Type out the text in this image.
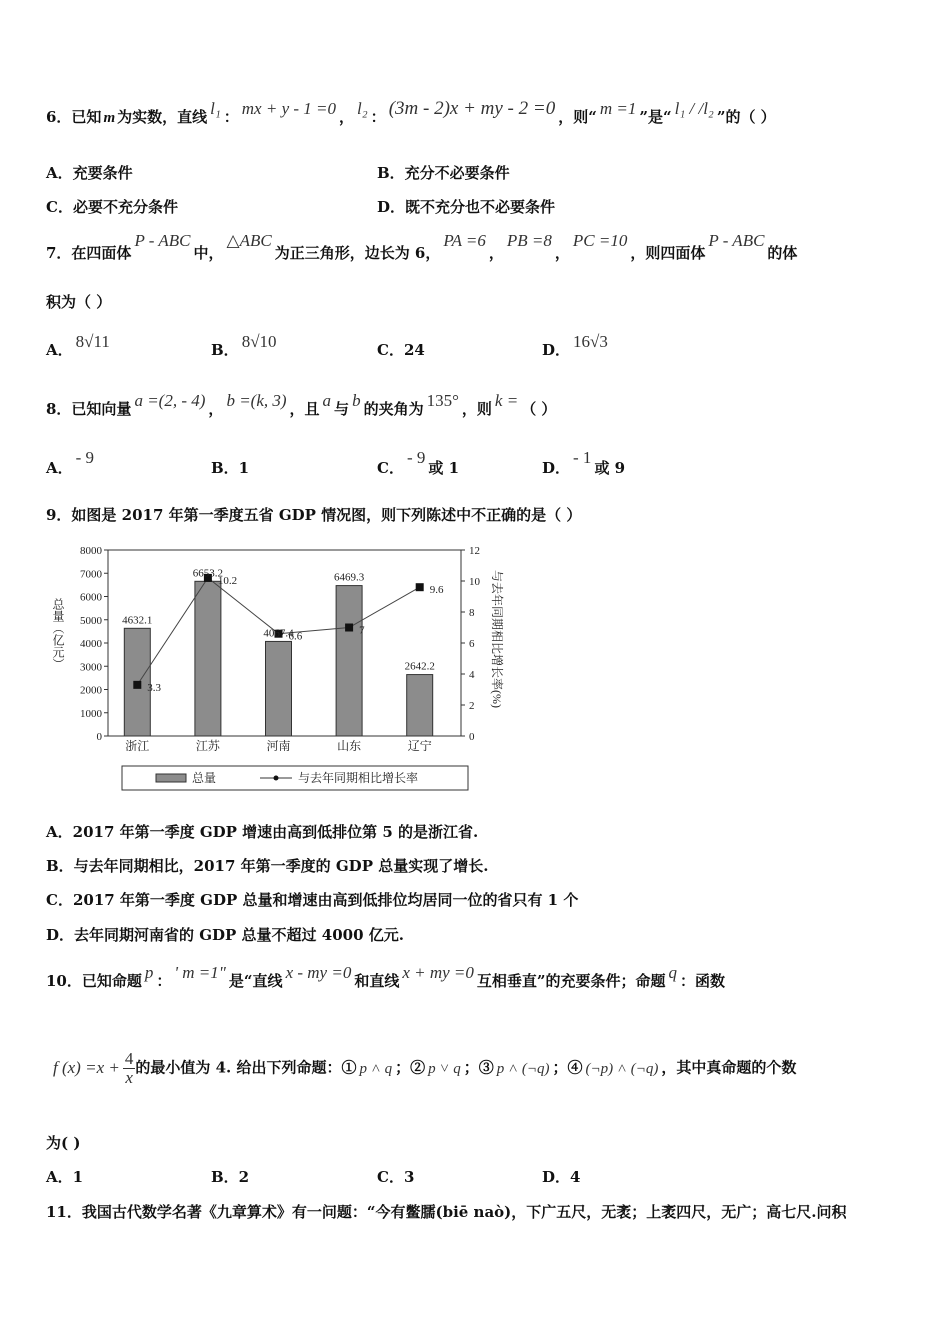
6．已知 m 为实数，直线 l₁ ： mx + y - 1 =0 ， l₂ ： (3m - 2)x + my - 2 =0 ，则“ m =1 ”是“ l₁ / /l₂ ”的（ ）
A．充要条件	B．充分不必要条件
C．必要不充分条件	D．既不充分也不必要条件
7．在四面体P - ABC中，△ABC为正三角形，边长为 6，PA =6，PB =8，PC =10，则四面体P - ABC的体
积为（ ）
A． 8√11	B． 8√10	C．24	D． 16√3
8．已知向量 a =(2, - 4) ， b =(k, 3) ，且 a 与 b 的夹角为 135° ，则 k = （ ）
A．- 9
B．1	C．- 9或 1	D．- 1或 9
9．如图是 2017 年第一季度五省 GDP 情况图，则下列陈述中不正确的是（ ）
0
1000
2000
3000
4000
5000
6000
7000
8000
0
2
4
6
8
10
12
总量（亿元）	与去年同期相比增长率(%)
4632.1
浙江
6653.2
江苏
4067.4
河南
6469.3
山东
2642.2
辽宁
3.3
10.2
6.6
7
9.6
总量	与去年同期相比增长率
A．2017 年第一季度 GDP 增速由高到低排位第 5 的是浙江省.
B．与去年同期相比，2017 年第一季度的 GDP 总量实现了增长.
C．2017 年第一季度 GDP 总量和增速由高到低排位均居同一位的省只有 1 个
D．去年同期河南省的 GDP 总量不超过 4000 亿元.
10．已知命题 p ： ' m =1" 是“直线 x - my =0 和直线 x + my =0 互相垂直”的充要条件；命题 q ：函数
f $(x) =x + \frac{4}{x}$ 的最小值为 4. 给出下列命题：① p ˄ q ；② p ˅ q ；③ p ˄ (¬q) ；④ (¬p) ˄ (¬q) ，其中真命题的个数
为( )
A．1	B．2	C．3	D．4
11．我国古代数学名著《九章算术》有一问题：“今有鳖臑(biē naò)，下广五尺，无袤；上袤四尺，无广；高七尺.问积
